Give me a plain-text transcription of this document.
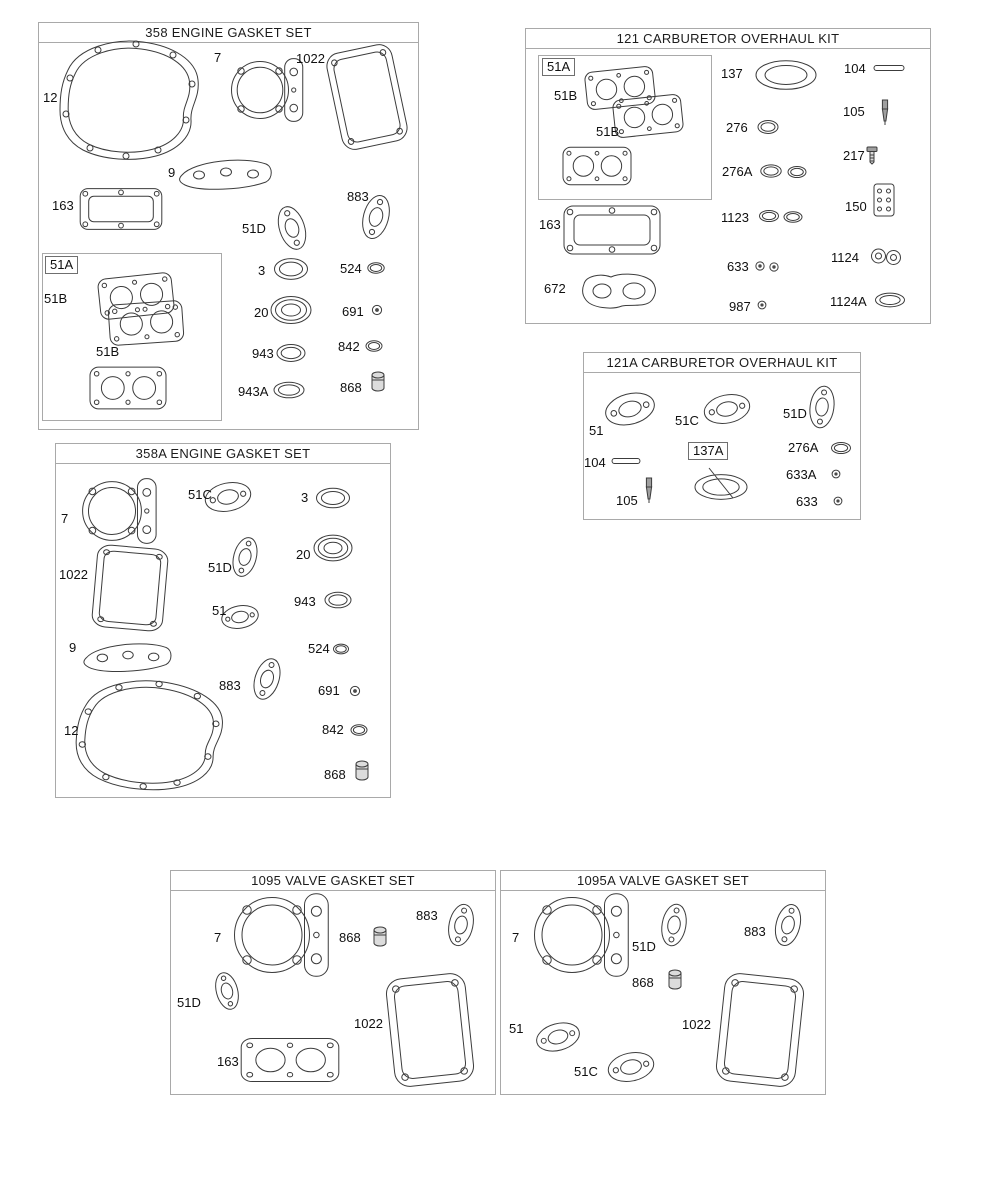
358 ENGINE GASKET SET	121 CARBURETOR OVERHAUL KIT
121A CARBURETOR OVERHAUL KIT
358A ENGINE GASKET SET
1095 VALVE GASKET SET	1095A VALVE GASKET SET
12
7	1022
9
163
51D
883
3	524
20	691
943	842
943A	868
51B
51B
51A
137	104
105
276
217
276A
150
1123
633
1124
163
672
987	1124A
51B
51B
51A
51
51C	51D
104
276A
633A
105	633
137A
7
51C	3
1022	51D
20
51
943
9	524
883	691
12	842
868
7	868
883
51D
1022
163
7
51D
883
868
51	1022
51C
